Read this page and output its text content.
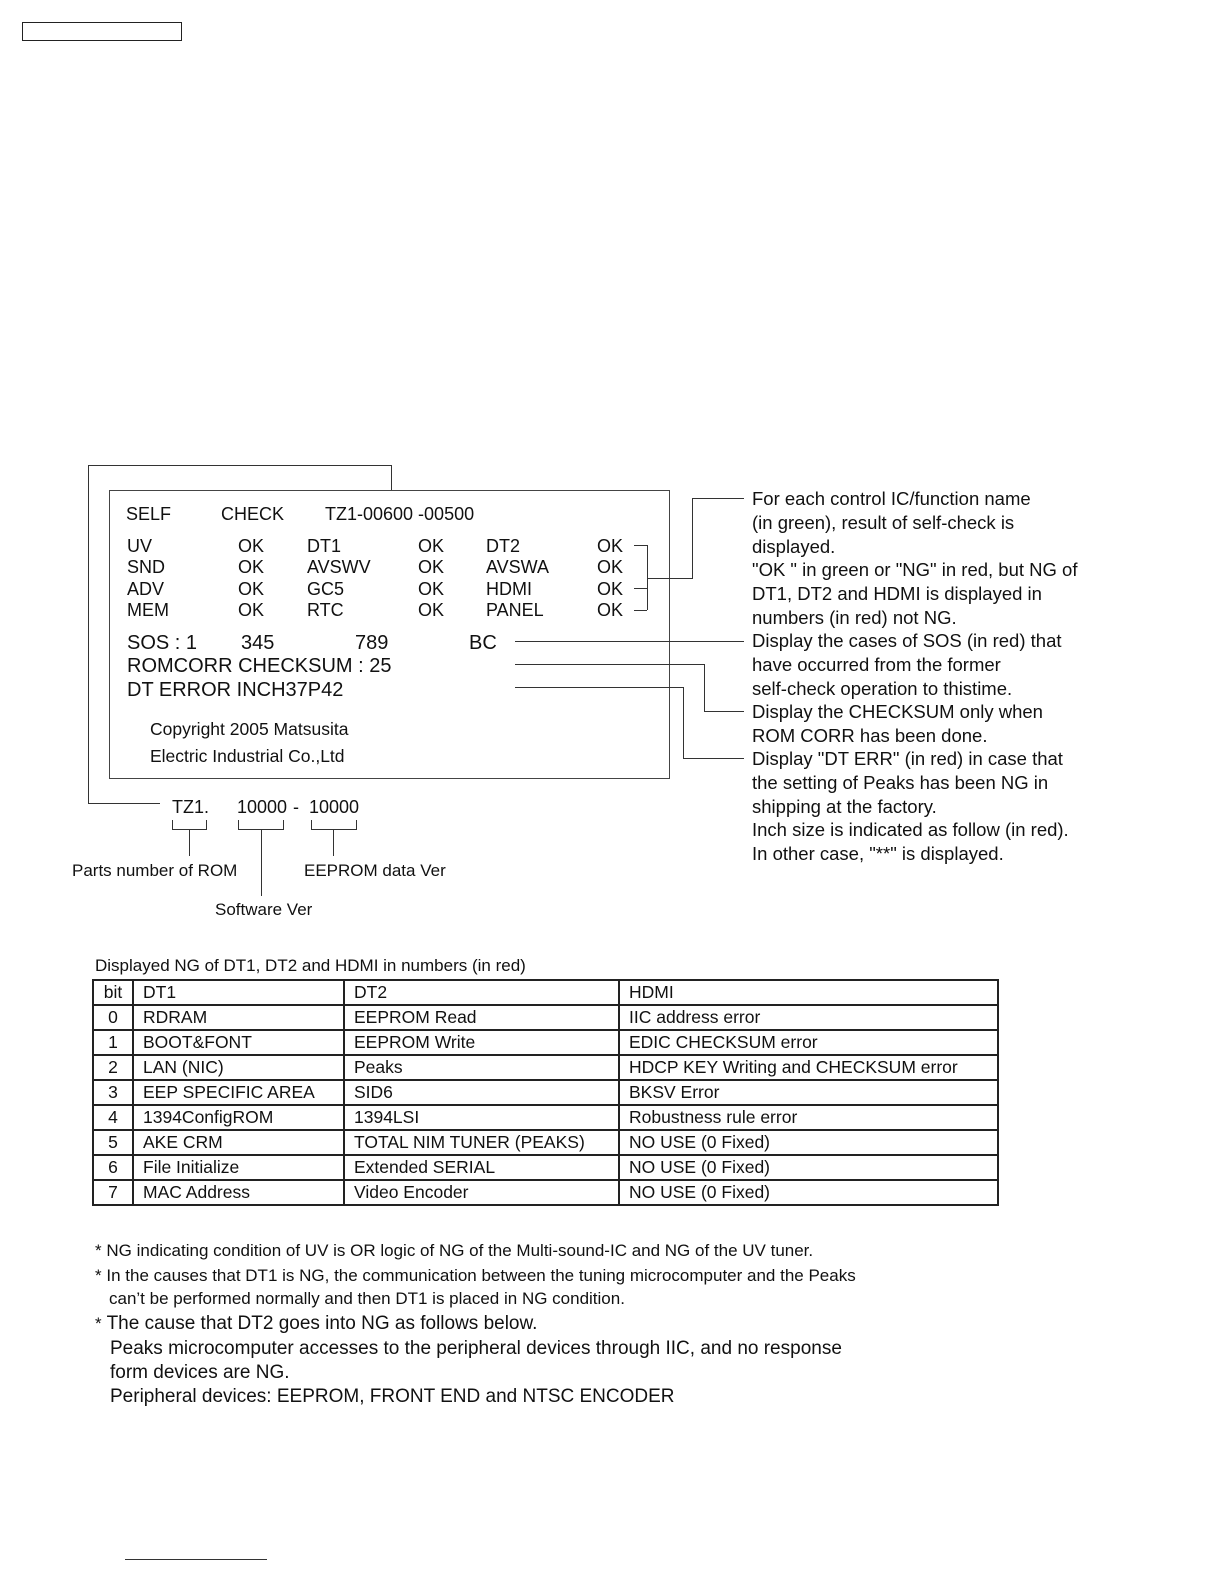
SELF	CHECK TZ1-00600 -00500
UV	OK DT1	OK DT2	OK
SND	OK AVSWV	OK AVSWA	OK
ADV	OK GC5	OK HDMI	OK
MEM	OK RTC	OK PANEL	OK
SOS : 1 345	789	BC
ROMCORR CHECKSUM : 25
DT ERROR INCH37P42
Copyright 2005 Matsusita
Electric Industrial Co.,Ltd
TZ1. 10000 - 10000
Parts number of ROM	EEPROM data Ver
Software Ver
For each control IC/function name
(in green), result of self-check is
displayed.
"OK " in green or "NG" in red, but NG of
DT1, DT2 and HDMI is displayed in
numbers (in red) not NG.
Display the cases of SOS (in red) that
have occurred from the former
self-check operation to thistime.
Display the CHECKSUM only when
ROM CORR has been done.
Display "DT ERR" (in red) in case that
the setting of Peaks has been NG in
shipping at the factory.
Inch size is indicated as follow (in red).
In other case, "**" is displayed.
Displayed NG of DT1, DT2 and HDMI in numbers (in red)
bit	DT1	DT2	HDMI
0	RDRAM	EEPROM Read	IIC address error
1	BOOT&FONT	EEPROM Write	EDIC CHECKSUM error
2	LAN (NIC)	Peaks	HDCP KEY Writing and CHECKSUM error
3	EEP SPECIFIC AREA	SID6	BKSV Error
4	1394ConfigROM	1394LSI	Robustness rule error
5	AKE CRM	TOTAL NIM TUNER (PEAKS)	NO USE (0 Fixed)
6	File Initialize	Extended SERIAL	NO USE (0 Fixed)
7	MAC Address	Video Encoder	NO USE (0 Fixed)
* NG indicating condition of UV is OR logic of NG of the Multi-sound-IC and NG of the UV tuner.
* In the causes that DT1 is NG, the communication between the tuning microcomputer and the Peaks
can’t be performed normally and then DT1 is placed in NG condition.
* The cause that DT2 goes into NG as follows below.
Peaks microcomputer accesses to the peripheral devices through IIC, and no response
form devices are NG.
Peripheral devices: EEPROM, FRONT END and NTSC ENCODER
